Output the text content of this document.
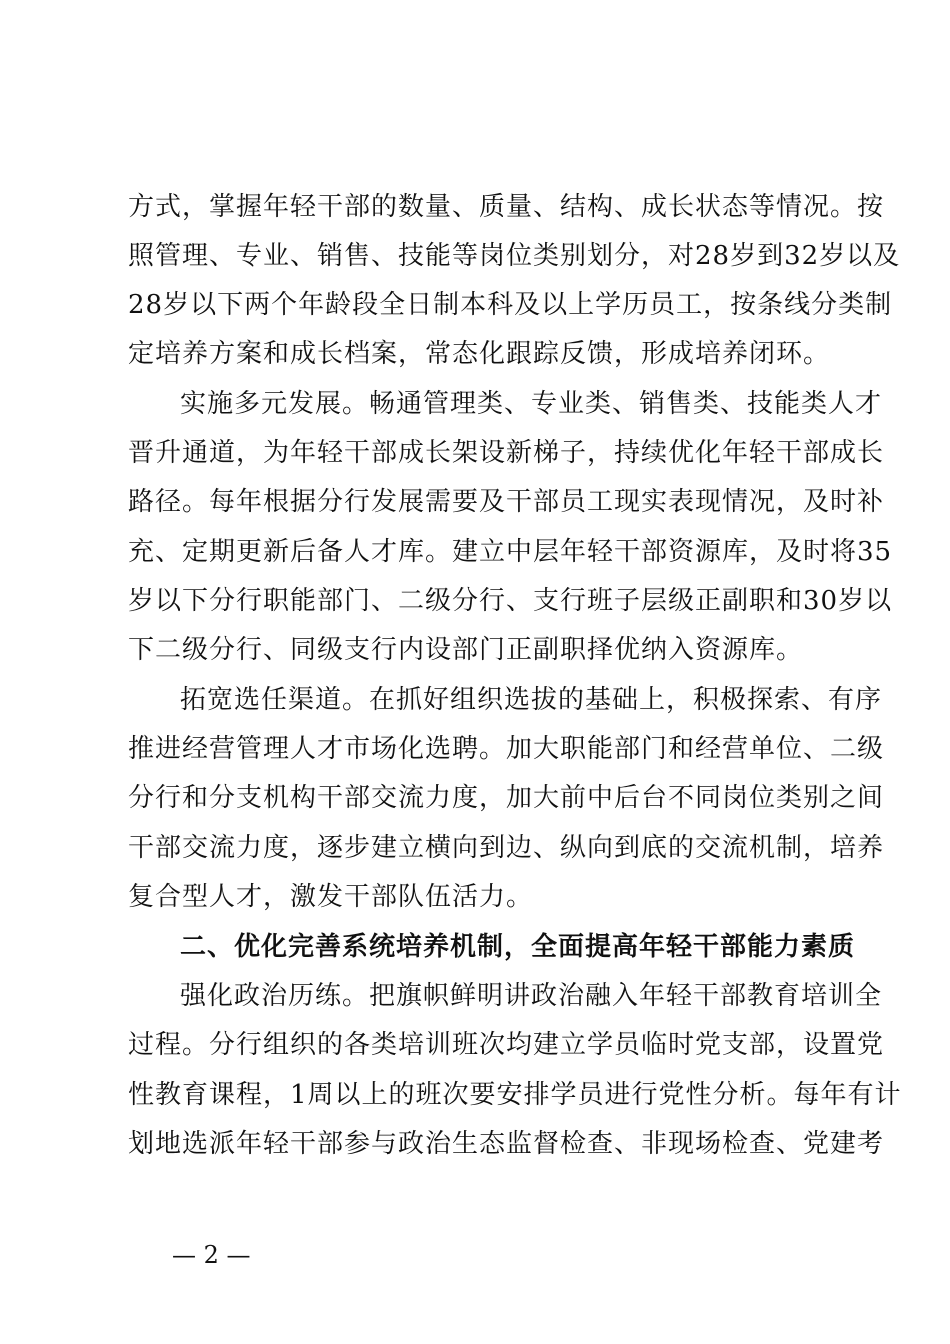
方式，掌握年轻干部的数量、质量、结构、成长状态等情况。按
照管理、专业、销售、技能等岗位类别划分，对28岁到32岁以及
28岁以下两个年龄段全日制本科及以上学历员工，按条线分类制
定培养方案和成长档案，常态化跟踪反馈，形成培养闭环。
实施多元发展。畅通管理类、专业类、销售类、技能类人才
晋升通道，为年轻干部成长架设新梯子，持续优化年轻干部成长
路径。每年根据分行发展需要及干部员工现实表现情况，及时补
充、定期更新后备人才库。建立中层年轻干部资源库，及时将35
岁以下分行职能部门、二级分行、支行班子层级正副职和30岁以
下二级分行、同级支行内设部门正副职择优纳入资源库。
拓宽选任渠道。在抓好组织选拔的基础上，积极探索、有序
推进经营管理人才市场化选聘。加大职能部门和经营单位、二级
分行和分支机构干部交流力度，加大前中后台不同岗位类别之间
干部交流力度，逐步建立横向到边、纵向到底的交流机制，培养
复合型人才，激发干部队伍活力。
二、优化完善系统培养机制，全面提高年轻干部能力素质
强化政治历练。把旗帜鲜明讲政治融入年轻干部教育培训全
过程。分行组织的各类培训班次均建立学员临时党支部，设置党
性教育课程，1周以上的班次要安排学员进行党性分析。每年有计
划地选派年轻干部参与政治生态监督检查、非现场检查、党建考
— 2 —
